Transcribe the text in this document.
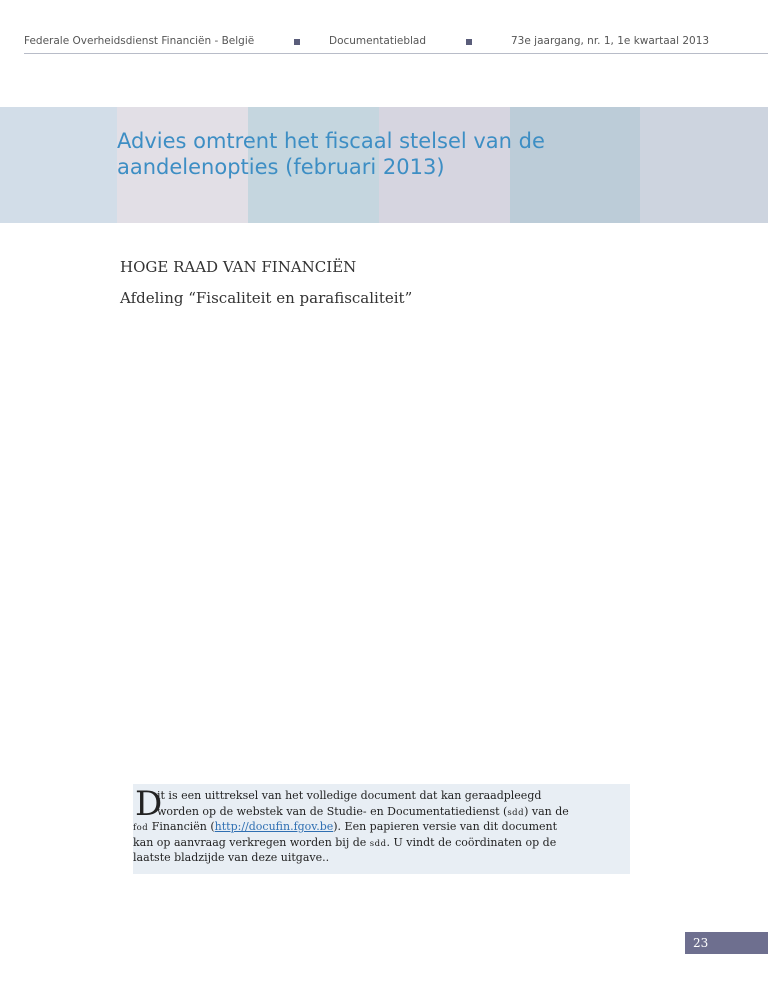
Federale Overheidsdienst Financiën - België	Documentatieblad	73e jaargang, nr. 1, 1e kwartaal 2013
Advies omtrent het fiscaal stelsel van de
aandelenopties (februari 2013)
HOGE RAAD VAN FINANCIËN
Afdeling “Fiscaliteit en parafiscaliteit”
D
it is een uittreksel van het volledige document dat kan geraadpleegd
worden op de webstek van de Studie- en Documentatiedienst (sdd) van de
fod Financiën (http://docufin.fgov.be). Een papieren versie van dit document
kan op aanvraag verkregen worden bij de sdd. U vindt de coördinaten op de
laatste bladzijde van deze uitgave..
23
